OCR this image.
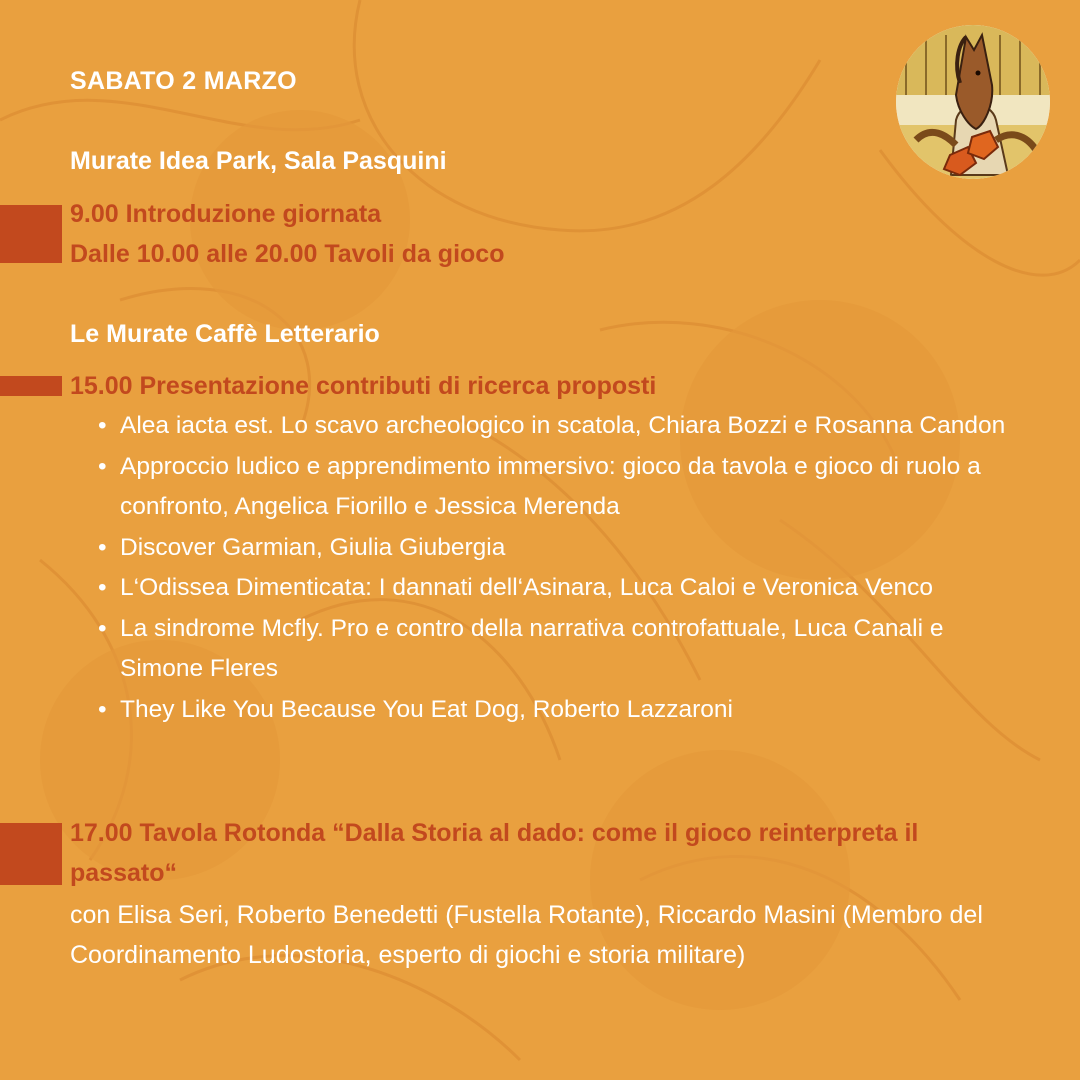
SABATO 2 MARZO
Murate Idea Park, Sala Pasquini
9.00 Introduzione giornata
Dalle 10.00 alle 20.00 Tavoli da gioco
Le Murate Caffè Letterario
15.00 Presentazione contributi di ricerca proposti
• Alea iacta est. Lo scavo archeologico in scatola, Chiara Bozzi e Rosanna Candon
• Approccio ludico e apprendimento immersivo: gioco da tavola e gioco di ruolo a confronto, Angelica Fiorillo e Jessica Merenda
• Discover Garmian, Giulia Giubergia
• L‘Odissea Dimenticata: I dannati dell‘Asinara, Luca Caloi e Veronica Venco
• La sindrome Mcfly. Pro e contro della narrativa controfattuale, Luca Canali e Simone Fleres
• They Like You Because You Eat Dog, Roberto Lazzaroni
17.00 Tavola Rotonda “Dalla Storia al dado: come il gioco reinterpreta il passato“
con Elisa Seri, Roberto Benedetti (Fustella Rotante), Riccardo Masini (Membro del Coordinamento Ludostoria, esperto di giochi e storia militare)
